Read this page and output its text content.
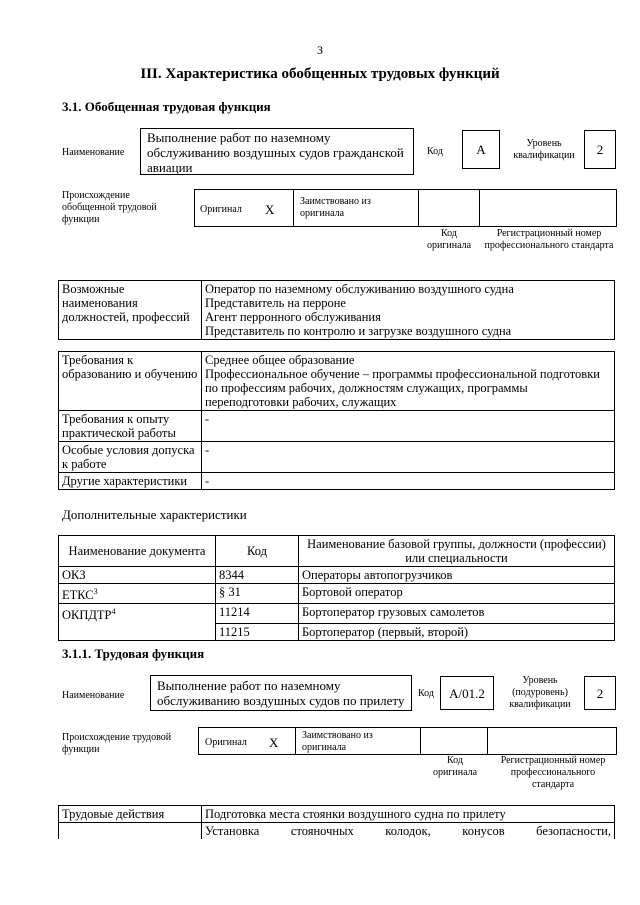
3
III. Характеристика обобщенных трудовых функций
3.1. Обобщенная трудовая функция
Наименование
Выполнение работ по наземному обслуживанию воздушных судов гражданской авиации
Код	А	Уровень квалификации	2
Происхождение обобщенной трудовой функции
Оригинал X
Заимствовано из оригинала
Код оригинала
Регистрационный номер профессионального стандарта
Возможные наименования должностей, профессий	
Оператор по наземному обслуживанию воздушного судна
Представитель на перроне
Агент перронного обслуживания
Представитель по контролю и загрузке воздушного судна
Требования к образованию и обучению	Среднее общее образование
Профессиональное обучение – программы профессиональной подготовки по профессиям рабочих, должностям служащих, программы переподготовки рабочих, служащих

Требования к опыту практической работы	-
Особые условия допуска к работе	-
Другие характеристики	-
Дополнительные характеристики
Наименование документа	Код	Наименование базовой группы, должности (профессии) или специальности
ОКЗ	8344	Операторы автопогрузчиков
ЕТКС$^3$	§ 31	Бортовой оператор
ОКПДТР$^4$	11214	Бортоператор грузовых самолетов
	11215	Бортоператор (первый, второй)
3.1.1. Трудовая функция
Наименование
Выполнение работ по наземному обслуживанию воздушных судов по прилету	Код А/01.2
Уровень (подуровень) квалификации
2
Происхождение трудовой функции
Оригинал X	Заимствовано из оригинала
Код оригинала
Регистрационный номер профессионального стандарта
Трудовые действия	Подготовка места стоянки воздушного судна по прилету

	Установка стояночных колодок, конусов безопасности,
